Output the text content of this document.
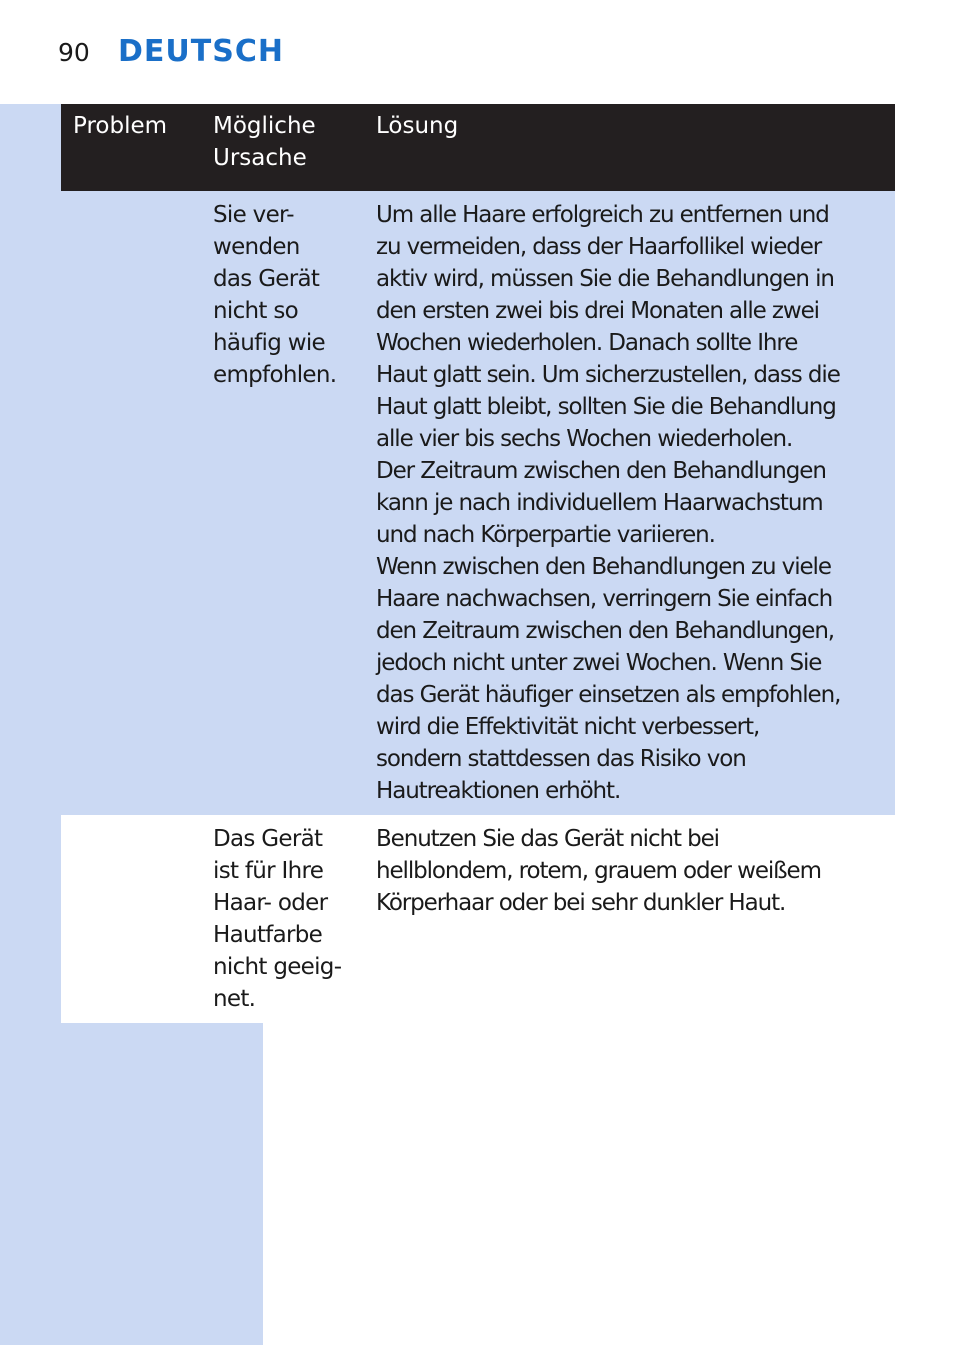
90 DEUTSCH
Problem	Mögliche
Ursache
Lösung
Sie ver-
wenden
das Gerät
nicht so
häufig wie
empfohlen.
Um alle Haare erfolgreich zu entfernen und
zu vermeiden, dass der Haarfollikel wieder
aktiv wird, müssen Sie die Behandlungen in
den ersten zwei bis drei Monaten alle zwei
Wochen wiederholen. Danach sollte Ihre
Haut glatt sein. Um sicherzustellen, dass die
Haut glatt bleibt, sollten Sie die Behandlung
alle vier bis sechs Wochen wiederholen.
Der Zeitraum zwischen den Behandlungen
kann je nach individuellem Haarwachstum
und nach Körperpartie variieren.
Wenn zwischen den Behandlungen zu viele
Haare nachwachsen, verringern Sie einfach
den Zeitraum zwischen den Behandlungen,
jedoch nicht unter zwei Wochen. Wenn Sie
das Gerät häufiger einsetzen als empfohlen,
wird die Effektivität nicht verbessert,
sondern stattdessen das Risiko von
Hautreaktionen erhöht.
Das Gerät
ist für Ihre
Haar- oder
Hautfarbe
nicht geeig-
net.
Benutzen Sie das Gerät nicht bei
hellblondem, rotem, grauem oder weißem
Körperhaar oder bei sehr dunkler Haut.
